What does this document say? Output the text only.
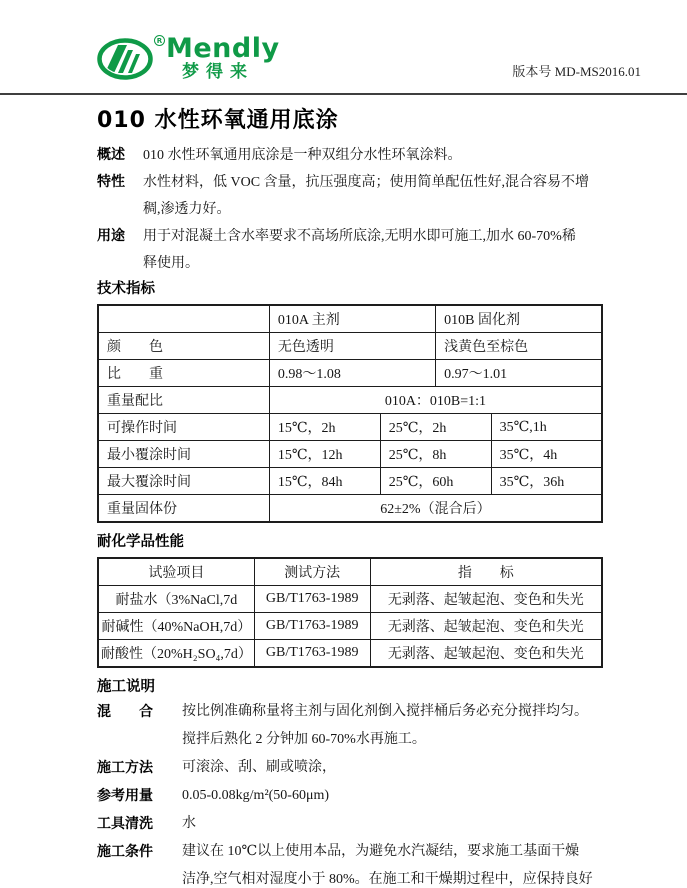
R Mendly
梦得来	版本号 MD-MS2016.01
010 水性环氧通用底涂
概述	010 水性环氧通用底涂是一种双组分水性环氧涂料。
特性	水性材料，低 VOC 含量，抗压强度高；使用简单配伍性好,混合容易不增
稠,渗透力好。
用途	用于对混凝土含水率要求不高场所底涂,无明水即可施工,加水 60-70%稀
释使用。
技术指标
	010A 主剂		010B 固化剂	
颜　　色	无色透明		浅黄色至棕色	
比　　重	0.98～1.08		0.97～1.01	
重量配比	010A：010B=1:1			
可操作时间	15℃，2h	25℃，2h		35℃,1h
最小覆涂时间	15℃，12h	25℃，8h		35℃，4h
最大覆涂时间	15℃，84h	25℃，60h		35℃，36h
重量固体份	62±2%（混合后）			
耐化学品性能
试验项目	测试方法	指　　标
耐盐水（3%NaCl,7d	GB/T1763-1989	无剥落、起皱起泡、变色和失光
耐碱性（40%NaOH,7d）	GB/T1763-1989	无剥落、起皱起泡、变色和失光
耐酸性（20%H₂SO₄,7d）	GB/T1763-1989	无剥落、起皱起泡、变色和失光
施工说明
混　　合	按比例准确称量将主剂与固化剂倒入搅拌桶后务必充分搅拌均匀。
搅拌后熟化 2 分钟加 60-70%水再施工。
施工方法	可滚涂、刮、刷或喷涂，
参考用量	0.05-0.08kg/m²(50-60μm)
工具清洗	水
施工条件	建议在 10℃以上使用本品，为避免水汽凝结，要求施工基面干燥
洁净,空气相对湿度小于 80%。在施工和干燥期过程中，应保持良好
